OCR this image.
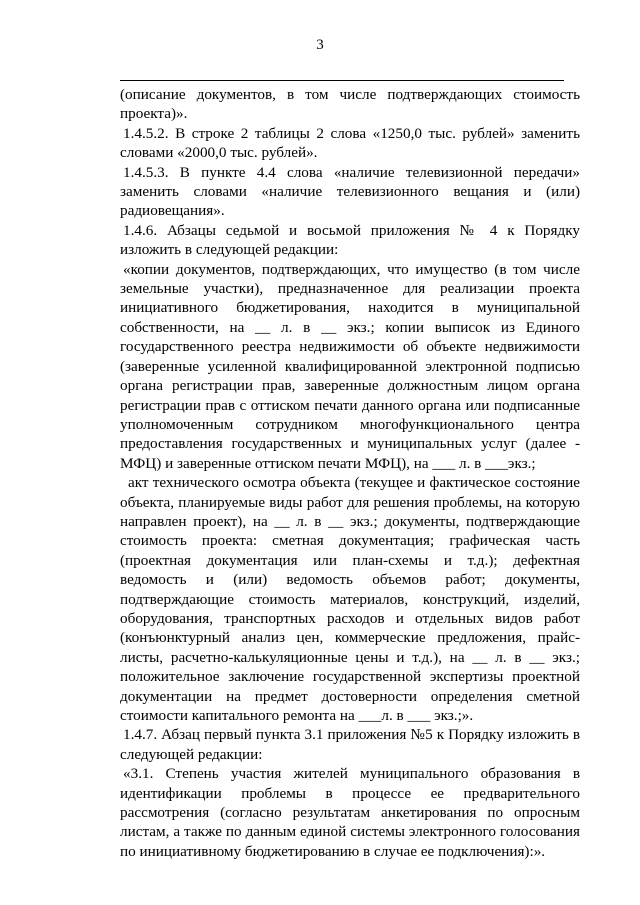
3

(описание документов, в том числе подтверждающих стоимость проекта)».

1.4.5.2. В строке 2 таблицы 2 слова «1250,0 тыс. рублей» заменить словами «2000,0 тыс. рублей».

1.4.5.3. В пункте 4.4 слова «наличие телевизионной передачи» заменить словами «наличие телевизионного вещания и (или) радиовещания».

1.4.6. Абзацы седьмой и восьмой приложения № 4 к Порядку изложить в следующей редакции:

«копии документов, подтверждающих, что имущество (в том числе земельные участки), предназначенное для реализации проекта инициативного бюджетирования, находится в муниципальной собственности, на __ л. в __ экз.; копии выписок из Единого государственного реестра недвижимости об объекте недвижимости (заверенные усиленной квалифицированной электронной подписью органа регистрации прав, заверенные должностным лицом органа регистрации прав с оттиском печати данного органа или подписанные уполномоченным сотрудником многофункционального центра предоставления государственных и муниципальных услуг (далее - МФЦ) и заверенные оттиском печати МФЦ), на ___ л. в ___экз.;

акт технического осмотра объекта (текущее и фактическое состояние объекта, планируемые виды работ для решения проблемы, на которую направлен проект), на __ л. в __ экз.; документы, подтверждающие стоимость проекта: сметная документация; графическая часть (проектная документация или план-схемы и т.д.); дефектная ведомость и (или) ведомость объемов работ; документы, подтверждающие стоимость материалов, конструкций, изделий, оборудования, транспортных расходов и отдельных видов работ (конъюнктурный анализ цен, коммерческие предложения, прайс-листы, расчетно-калькуляционные цены и т.д.), на __ л. в __ экз.; положительное заключение государственной экспертизы проектной документации на предмет достоверности определения сметной стоимости капитального ремонта на ___л. в ___ экз.;».

1.4.7. Абзац первый пункта 3.1 приложения №5 к Порядку изложить в следующей редакции:

«3.1. Степень участия жителей муниципального образования в идентификации проблемы в процессе ее предварительного рассмотрения (согласно результатам анкетирования по опросным листам, а также по данным единой системы электронного голосования по инициативному бюджетированию в случае ее подключения):».
